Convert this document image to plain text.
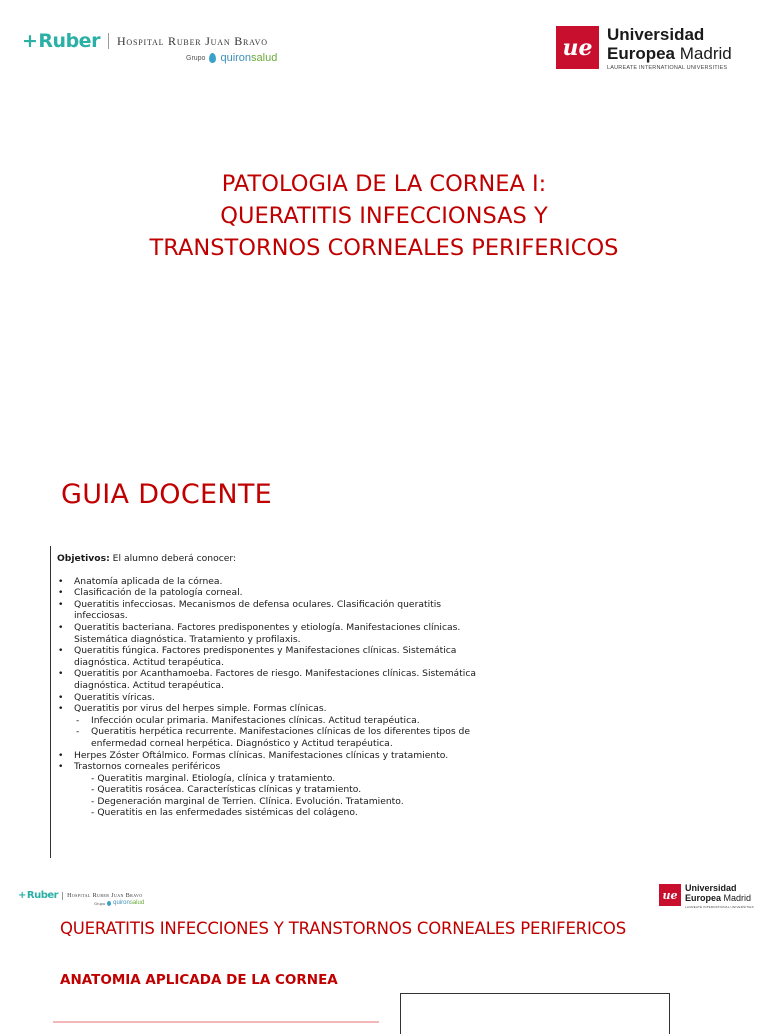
+Ruber Hospital Ruber Juan Bravo
Grupo quironsalud	ue Universidad
Europea Madrid
LAUREATE INTERNATIONAL UNIVERSITIES
PATOLOGIA DE LA CORNEA I:
QUERATITIS INFECCIONSAS Y
TRANSTORNOS CORNEALES PERIFERICOS
GUIA DOCENTE
Objetivos: El alumno deberá conocer:
• Anatomía aplicada de la córnea.
• Clasificación de la patología corneal.
• Queratitis infecciosas. Mecanismos de defensa oculares. Clasificación queratitis infecciosas.
• Queratitis bacteriana. Factores predisponentes y etiología. Manifestaciones clínicas. Sistemática diagnóstica. Tratamiento y profilaxis.
• Queratitis fúngica. Factores predisponentes y Manifestaciones clínicas. Sistemática diagnóstica. Actitud terapéutica.
• Queratitis por Acanthamoeba. Factores de riesgo. Manifestaciones clínicas. Sistemática diagnóstica. Actitud terapéutica.
• Queratitis víricas.
• Queratitis por virus del herpes simple. Formas clínicas.
- Infección ocular primaria. Manifestaciones clínicas. Actitud terapéutica.
- Queratitis herpética recurrente. Manifestaciones clínicas de los diferentes tipos de enfermedad corneal herpética. Diagnóstico y Actitud terapéutica.
• Herpes Zóster Oftálmico. Formas clínicas. Manifestaciones clínicas y tratamiento.
• Trastornos corneales periféricos
- Queratitis marginal. Etiología, clínica y tratamiento.
- Queratitis rosácea. Características clínicas y tratamiento.
- Degeneración marginal de Terrien. Clínica. Evolución. Tratamiento.
- Queratitis en las enfermedades sistémicas del colágeno.
+Ruber Hospital Ruber Juan Bravo
Grupo quironsalud
ue
Universidad
Europea Madrid
LAUREATE INTERNATIONAL UNIVERSITIES
QUERATITIS INFECCIONES Y TRANSTORNOS CORNEALES PERIFERICOS
ANATOMIA APLICADA DE LA CORNEA
